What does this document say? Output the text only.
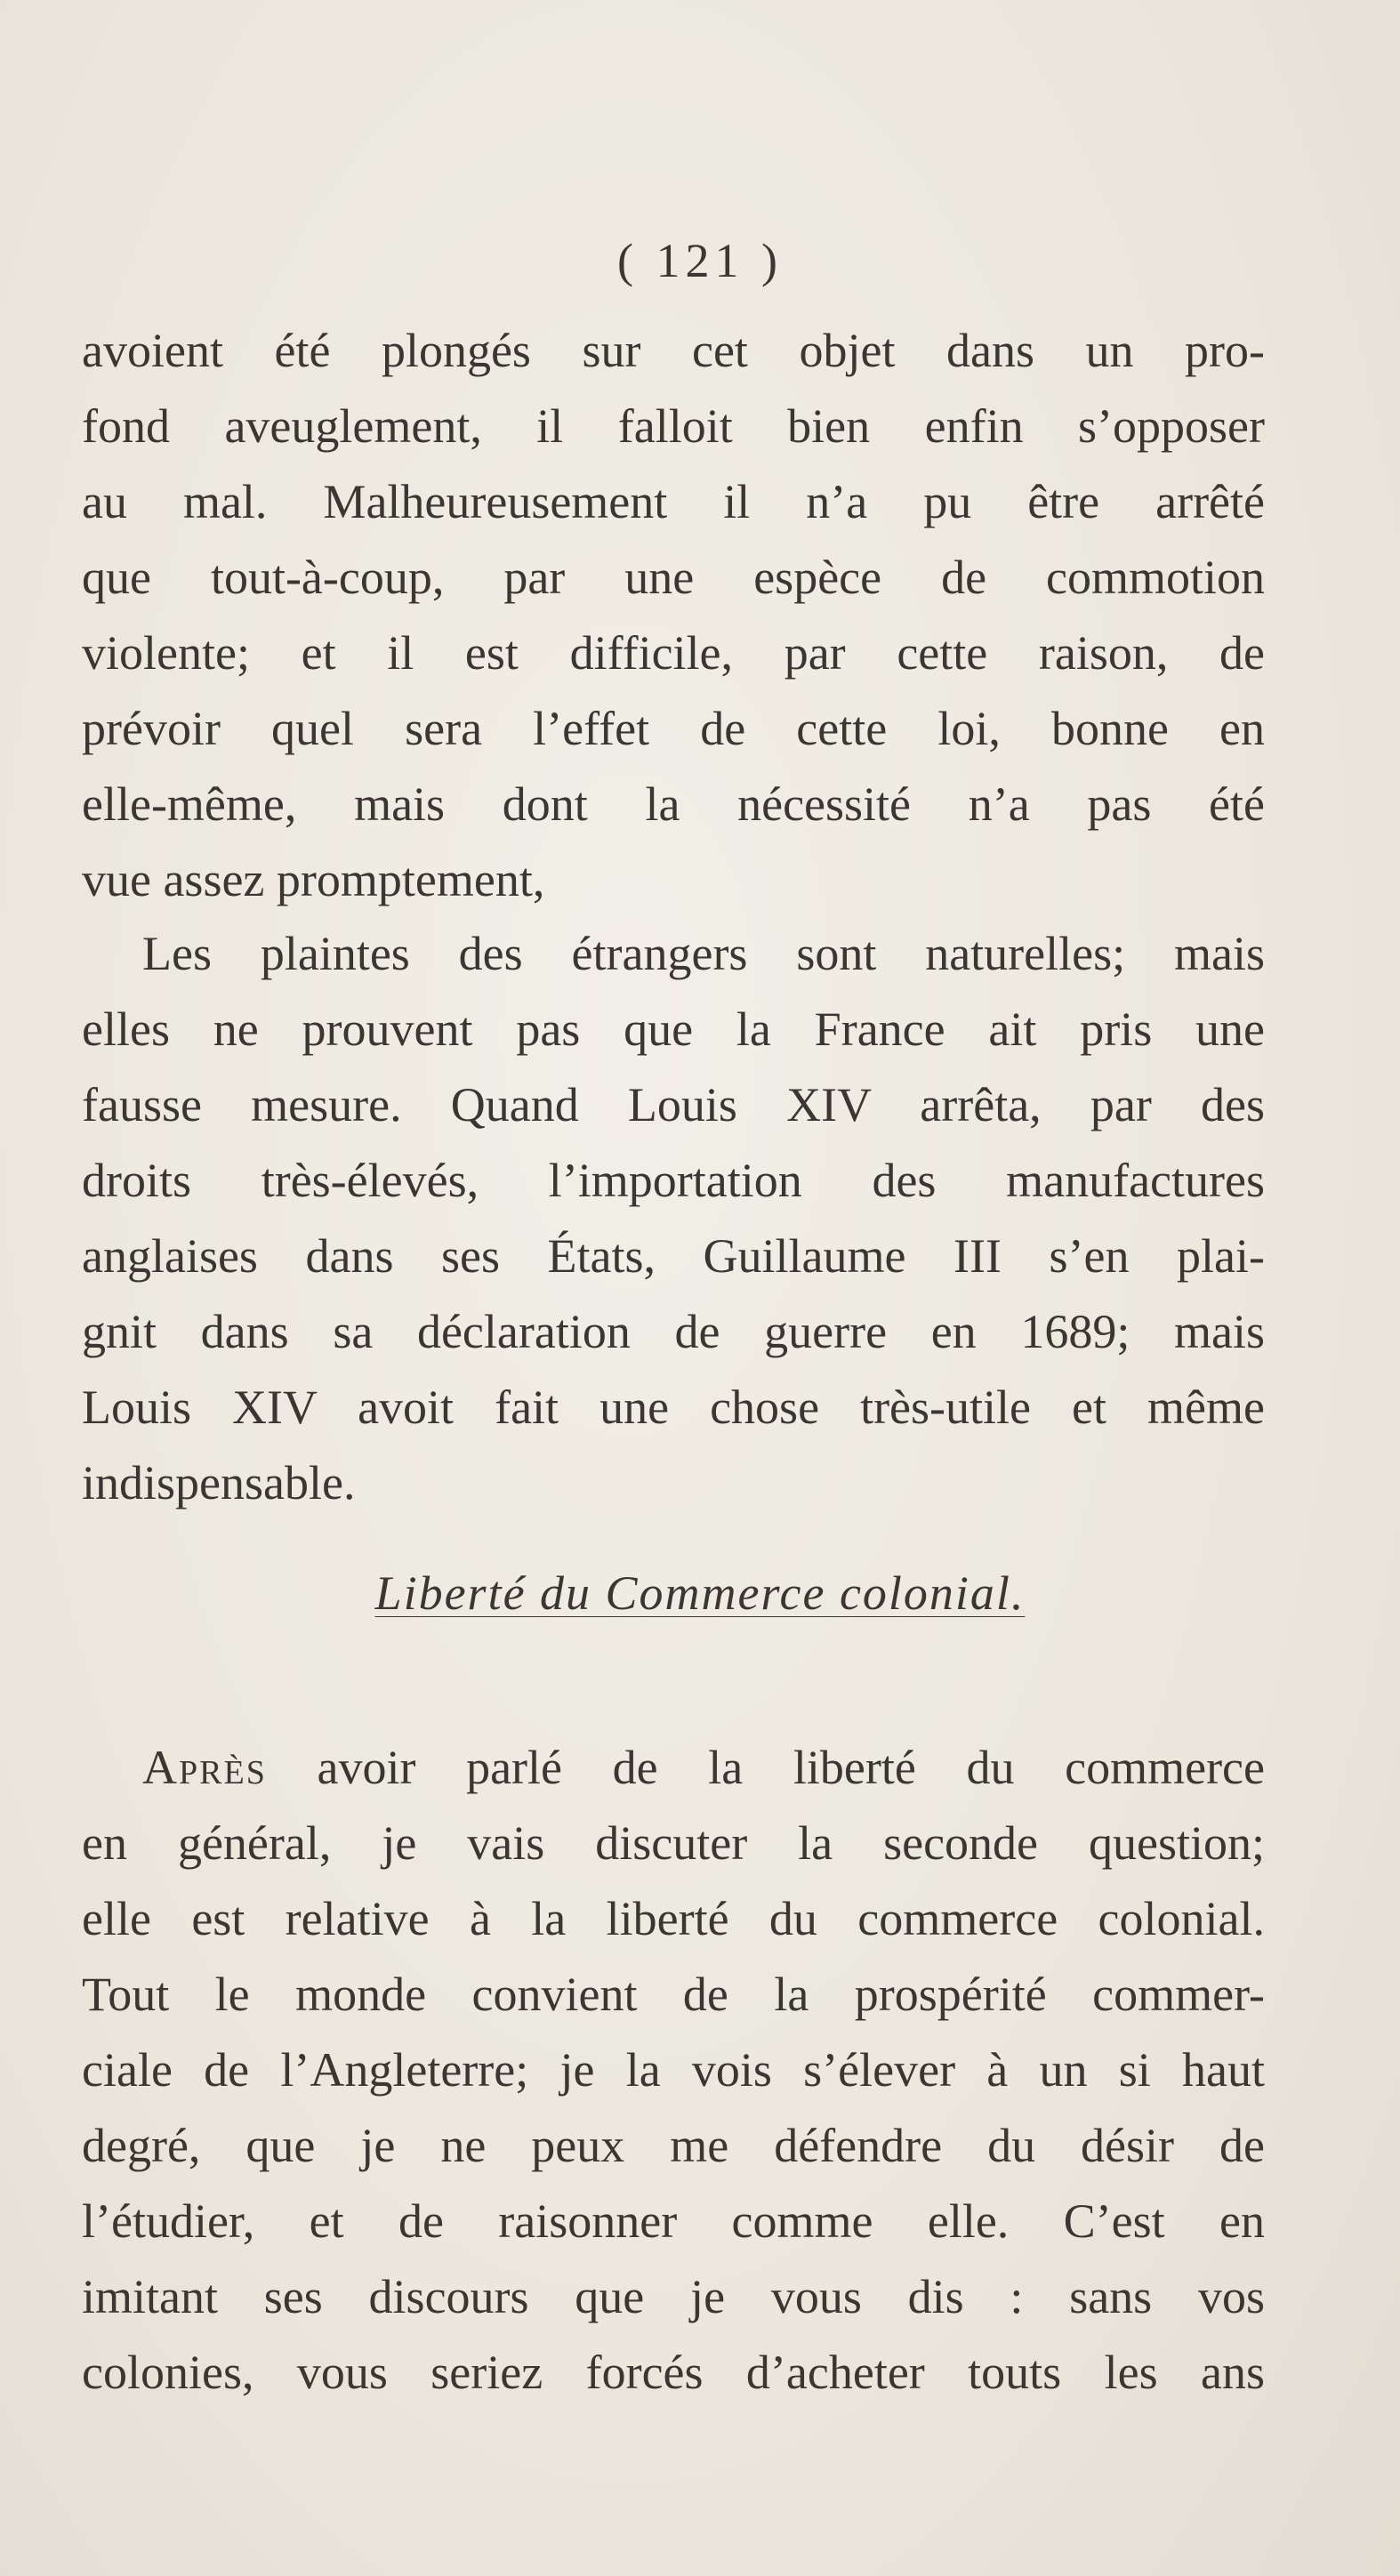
( 121 )
avoient été plongés sur cet objet dans un pro-
fond aveuglement, il falloit bien enfin s’opposer
au mal. Malheureusement il n’a pu être arrêté
que tout-à-coup, par une espèce de commotion
violente; et il est difficile, par cette raison, de
prévoir quel sera l’effet de cette loi, bonne en
elle-même, mais dont la nécessité n’a pas été
vue assez promptement,
Les plaintes des étrangers sont naturelles; mais
elles ne prouvent pas que la France ait pris une
fausse mesure. Quand Louis XIV arrêta, par des
droits très-élevés, l’importation des manufactures
anglaises dans ses États, Guillaume III s’en plai-
gnit dans sa déclaration de guerre en 1689; mais
Louis XIV avoit fait une chose très-utile et même
indispensable.
Liberté du Commerce colonial.
Après avoir parlé de la liberté du commerce
en général, je vais discuter la seconde question;
elle est relative à la liberté du commerce colonial.
Tout le monde convient de la prospérité commer-
ciale de l’Angleterre; je la vois s’élever à un si haut
degré, que je ne peux me défendre du désir de
l’étudier, et de raisonner comme elle. C’est en
imitant ses discours que je vous dis : sans vos
colonies, vous seriez forcés d’acheter touts les ans
